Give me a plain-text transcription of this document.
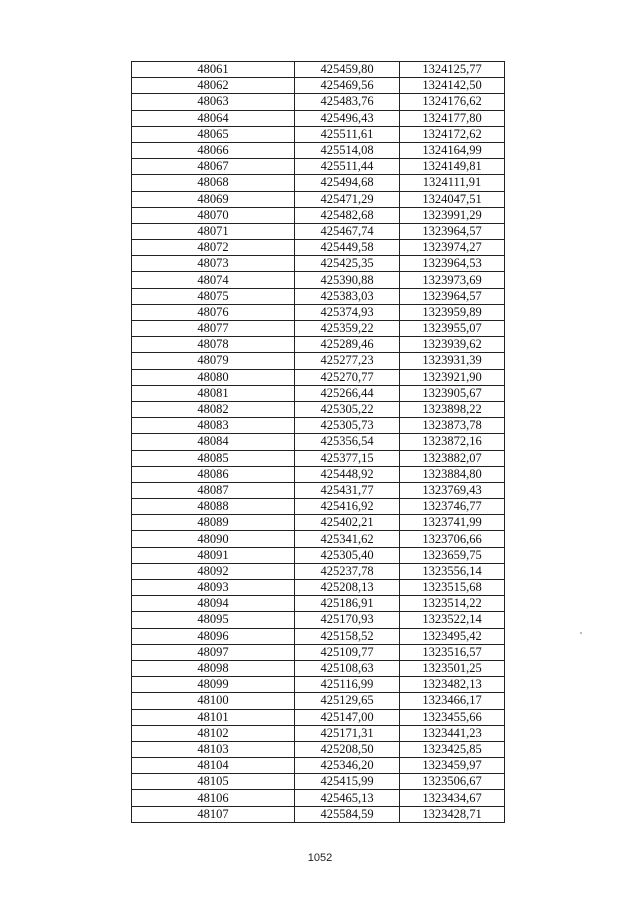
48061	425459,80	1324125,77
48062	425469,56	1324142,50
48063	425483,76	1324176,62
48064	425496,43	1324177,80
48065	425511,61	1324172,62
48066	425514,08	1324164,99
48067	425511,44	1324149,81
48068	425494,68	1324111,91
48069	425471,29	1324047,51
48070	425482,68	1323991,29
48071	425467,74	1323964,57
48072	425449,58	1323974,27
48073	425425,35	1323964,53
48074	425390,88	1323973,69
48075	425383,03	1323964,57
48076	425374,93	1323959,89
48077	425359,22	1323955,07
48078	425289,46	1323939,62
48079	425277,23	1323931,39
48080	425270,77	1323921,90
48081	425266,44	1323905,67
48082	425305,22	1323898,22
48083	425305,73	1323873,78
48084	425356,54	1323872,16
48085	425377,15	1323882,07
48086	425448,92	1323884,80
48087	425431,77	1323769,43
48088	425416,92	1323746,77
48089	425402,21	1323741,99
48090	425341,62	1323706,66
48091	425305,40	1323659,75
48092	425237,78	1323556,14
48093	425208,13	1323515,68
48094	425186,91	1323514,22
48095	425170,93	1323522,14
48096	425158,52	1323495,42
48097	425109,77	1323516,57
48098	425108,63	1323501,25
48099	425116,99	1323482,13
48100	425129,65	1323466,17
48101	425147,00	1323455,66
48102	425171,31	1323441,23
48103	425208,50	1323425,85
48104	425346,20	1323459,97
48105	425415,99	1323506,67
48106	425465,13	1323434,67
48107	425584,59	1323428,71
1052
